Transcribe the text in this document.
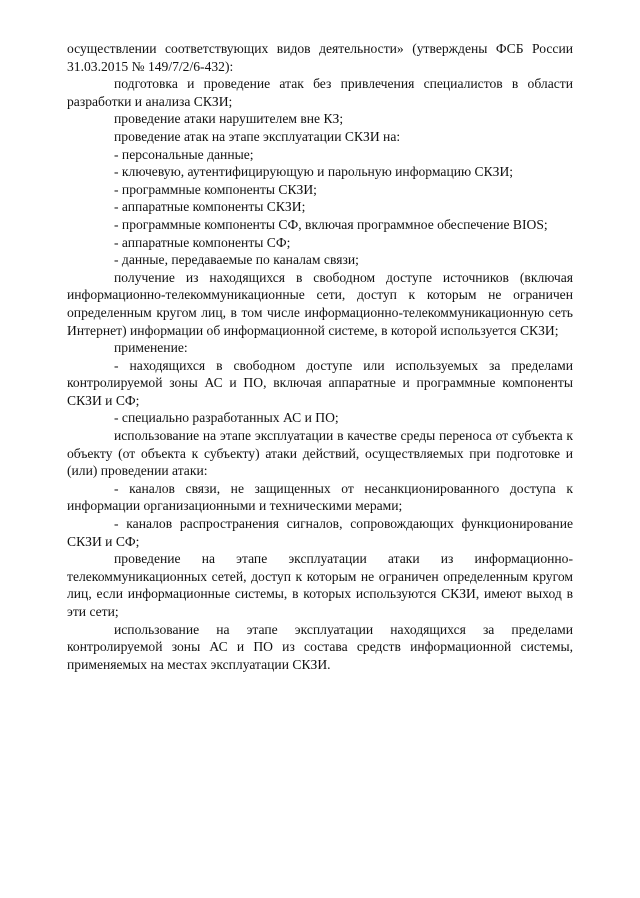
осуществлении соответствующих видов деятельности» (утверждены ФСБ России 31.03.2015 № 149/7/2/6-432):

подготовка и проведение атак без привлечения специалистов в области разработки и анализа СКЗИ;

проведение атаки нарушителем вне КЗ;

проведение атак на этапе эксплуатации СКЗИ на:

- персональные данные;

- ключевую, аутентифицирующую и парольную информацию СКЗИ;

- программные компоненты СКЗИ;

- аппаратные компоненты СКЗИ;

- программные компоненты СФ, включая программное обеспечение BIOS;

- аппаратные компоненты СФ;

- данные, передаваемые по каналам связи;

получение из находящихся в свободном доступе источников (включая информационно-телекоммуникационные сети, доступ к которым не ограничен определенным кругом лиц, в том числе информационно-телекоммуникационную сеть Интернет) информации об информационной системе, в которой используется СКЗИ;

применение:

- находящихся в свободном доступе или используемых за пределами контролируемой зоны АС и ПО, включая аппаратные и программные компоненты СКЗИ и СФ;

- специально разработанных АС и ПО;

использование на этапе эксплуатации в качестве среды переноса от субъекта к объекту (от объекта к субъекту) атаки действий, осуществляемых при подготовке и (или) проведении атаки:

- каналов связи, не защищенных от несанкционированного доступа к информации организационными и техническими мерами;

- каналов распространения сигналов, сопровождающих функционирование СКЗИ и СФ;

проведение на этапе эксплуатации атаки из информационно-телекоммуникационных сетей, доступ к которым не ограничен определенным кругом лиц, если информационные системы, в которых используются СКЗИ, имеют выход в эти сети;

использование на этапе эксплуатации находящихся за пределами контролируемой зоны АС и ПО из состава средств информационной системы, применяемых на местах эксплуатации СКЗИ.
